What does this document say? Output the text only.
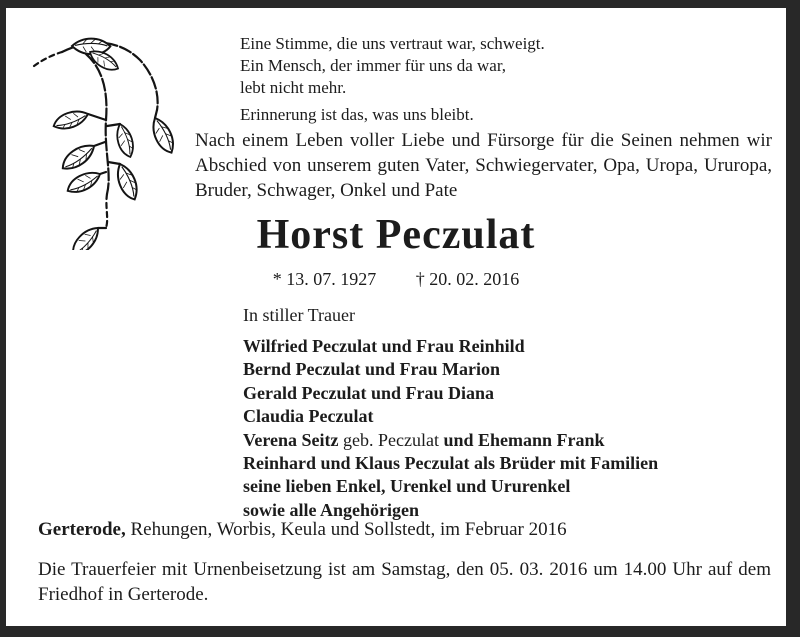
Eine Stimme, die uns vertraut war, schweigt.
Ein Mensch, der immer für uns da war,
lebt nicht mehr.
Erinnerung ist das, was uns bleibt.

Nach einem Leben voller Liebe und Fürsorge für die Seinen nehmen wir Abschied von unserem guten Vater, Schwiegervater, Opa, Uropa, Ururopa, Bruder, Schwager, Onkel und Pate

Horst Peczulat
* 13. 07. 1927 † 20. 02. 2016
In stiller Trauer
Wilfried Peczulat und Frau Reinhild
Bernd Peczulat und Frau Marion
Gerald Peczulat und Frau Diana
Claudia Peczulat
Verena Seitz geb. Peczulat und Ehemann Frank
Reinhard und Klaus Peczulat als Brüder mit Familien
seine lieben Enkel, Urenkel und Ururenkel
sowie alle Angehörigen
Gerterode, Rehungen, Worbis, Keula und Sollstedt, im Februar 2016

Die Trauerfeier mit Urnenbeisetzung ist am Samstag, den 05. 03. 2016 um 14.00 Uhr auf dem Friedhof in Gerterode.
